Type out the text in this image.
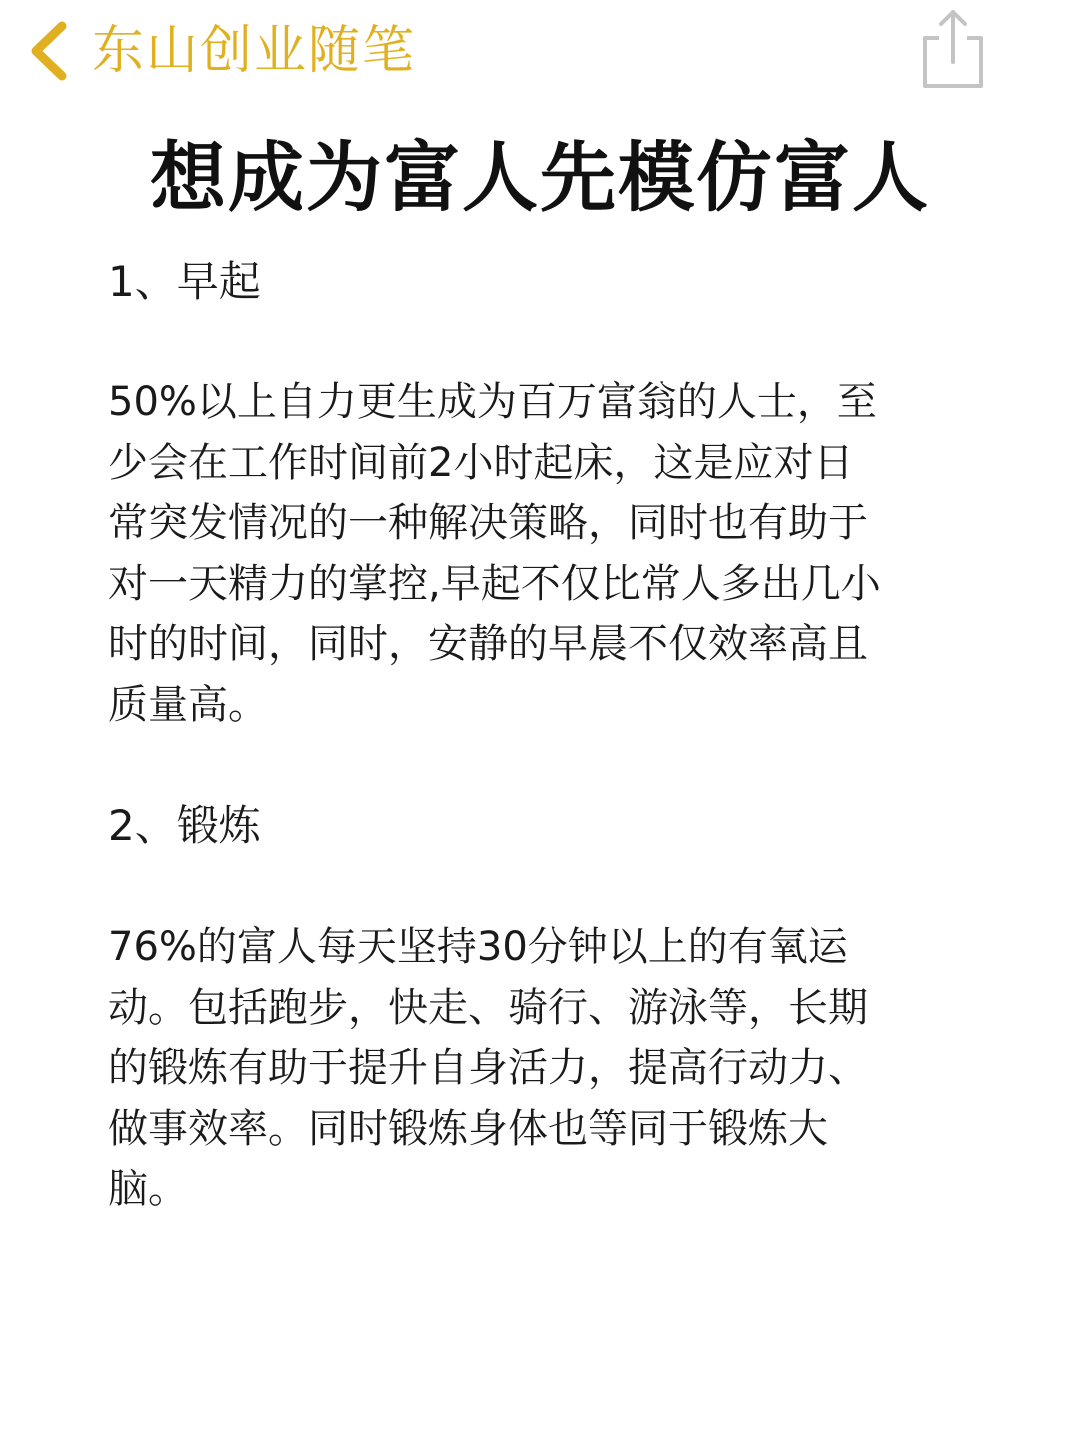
东山创业随笔
想成为富人先模仿富人
1、早起
50%以上自力更生成为百万富翁的人士，至
少会在工作时间前2小时起床，这是应对日
常突发情况的一种解决策略，同时也有助于
对一天精力的掌控,早起不仅比常人多出几小
时的时间，同时，安静的早晨不仅效率高且
质量高。
2、锻炼
76%的富人每天坚持30分钟以上的有氧运
动。包括跑步，快走、骑行、游泳等，长期
的锻炼有助于提升自身活力，提高行动力、
做事效率。同时锻炼身体也等同于锻炼大
脑。
